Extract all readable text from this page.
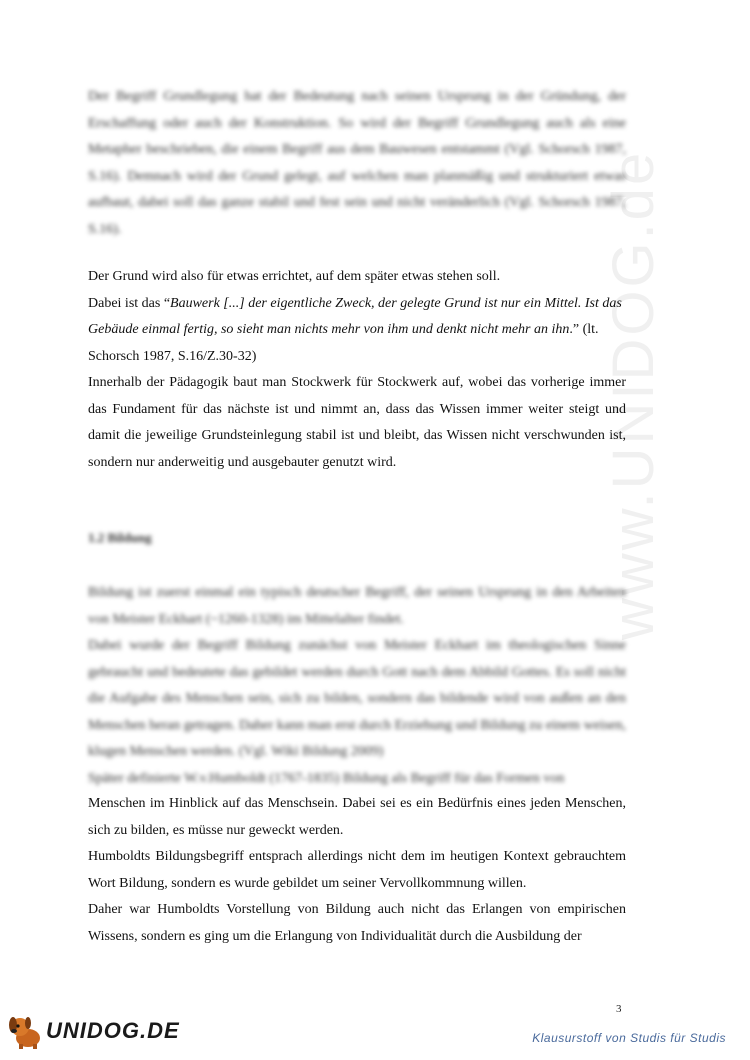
www.UNIDOG.de

Der Begriff Grundlegung hat der Bedeutung nach seinen Ursprung in der Gründung, der Erschaffung oder auch der Konstruktion. So wird der Begriff Grundlegung auch als eine Metapher beschrieben, die einem Begriff aus dem Bauwesen entstammt (Vgl. Schorsch 1987, S.16). Demnach wird der Grund gelegt, auf welchen man planmäßig und strukturiert etwas aufbaut, dabei soll das ganze stabil und fest sein und nicht veränderlich (Vgl. Schorsch 1987, S.16).

Der Grund wird also für etwas errichtet, auf dem später etwas stehen soll.
Dabei ist das “Bauwerk [...] der eigentliche Zweck, der gelegte Grund ist nur ein Mittel. Ist das Gebäude einmal fertig, so sieht man nichts mehr von ihm und denkt nicht mehr an ihn.” (lt. Schorsch 1987, S.16/Z.30-32)

Innerhalb der Pädagogik baut man Stockwerk für Stockwerk auf, wobei das vorherige immer das Fundament für das nächste ist und nimmt an, dass das Wissen immer weiter steigt und damit die jeweilige Grundsteinlegung stabil ist und bleibt, das Wissen nicht verschwunden ist, sondern nur anderweitig und ausgebauter genutzt wird.

1.2 Bildung
Bildung ist zuerst einmal ein typisch deutscher Begriff, der seinen Ursprung in den Arbeiten von Meister Eckhart (~1260-1328) im Mittelalter findet.
Dabei wurde der Begriff Bildung zunächst von Meister Eckhart im theologischen Sinne gebraucht und bedeutete das gebildet werden durch Gott nach dem Abbild Gottes. Es soll nicht die Aufgabe des Menschen sein, sich zu bilden, sondern das bildende wird von außen an den Menschen heran getragen. Daher kann man erst durch Erziehung und Bildung zu einem weisen, klugen Menschen werden. (Vgl. Wiki Bildung 2009)
Später definierte W.v.Humboldt (1767-1835) Bildung als Begriff für das Formen von
Menschen im Hinblick auf das Menschsein. Dabei sei es ein Bedürfnis eines jeden Menschen, sich zu bilden, es müsse nur geweckt werden.
Humboldts Bildungsbegriff entsprach allerdings nicht dem im heutigen Kontext gebrauchtem Wort Bildung, sondern es wurde gebildet um seiner Vervollkommnung willen.
Daher war Humboldts Vorstellung von Bildung auch nicht das Erlangen von empirischen Wissens, sondern es ging um die Erlangung von Individualität durch die Ausbildung der
3
UNIDOG.DE	Klausurstoff von Studis für Studis
